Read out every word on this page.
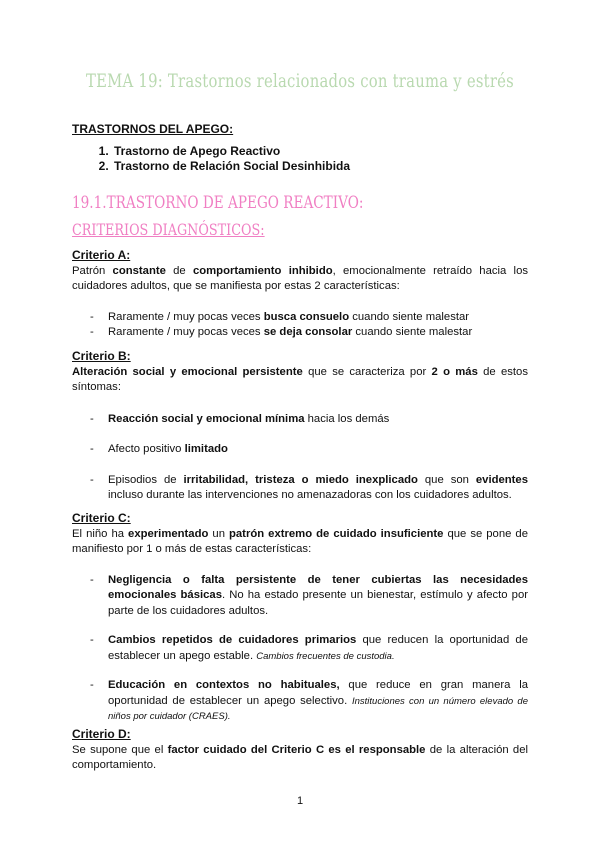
TEMA 19: Trastornos relacionados con trauma y estrés
TRASTORNOS DEL APEGO:
1. Trastorno de Apego Reactivo
2. Trastorno de Relación Social Desinhibida
19.1.TRASTORNO DE APEGO REACTIVO:
CRITERIOS DIAGNÓSTICOS:
Criterio A:
Patrón constante de comportamiento inhibido, emocionalmente retraído hacia los cuidadores adultos, que se manifiesta por estas 2 características:
- Raramente / muy pocas veces busca consuelo cuando siente malestar
- Raramente / muy pocas veces se deja consolar cuando siente malestar
Criterio B:
Alteración social y emocional persistente que se caracteriza por 2 o más de estos síntomas:
- Reacción social y emocional mínima hacia los demás
- Afecto positivo limitado
- Episodios de irritabilidad, tristeza o miedo inexplicado que son evidentes incluso durante las intervenciones no amenazadoras con los cuidadores adultos.
Criterio C:
El niño ha experimentado un patrón extremo de cuidado insuficiente que se pone de manifiesto por 1 o más de estas características:
- Negligencia o falta persistente de tener cubiertas las necesidades emocionales básicas. No ha estado presente un bienestar, estímulo y afecto por parte de los cuidadores adultos.
- Cambios repetidos de cuidadores primarios que reducen la oportunidad de establecer un apego estable. Cambios frecuentes de custodia.
- Educación en contextos no habituales, que reduce en gran manera la oportunidad de establecer un apego selectivo. Instituciones con un número elevado de niños por cuidador (CRAES).
Criterio D:
Se supone que el factor cuidado del Criterio C es el responsable de la alteración del comportamiento.
1
